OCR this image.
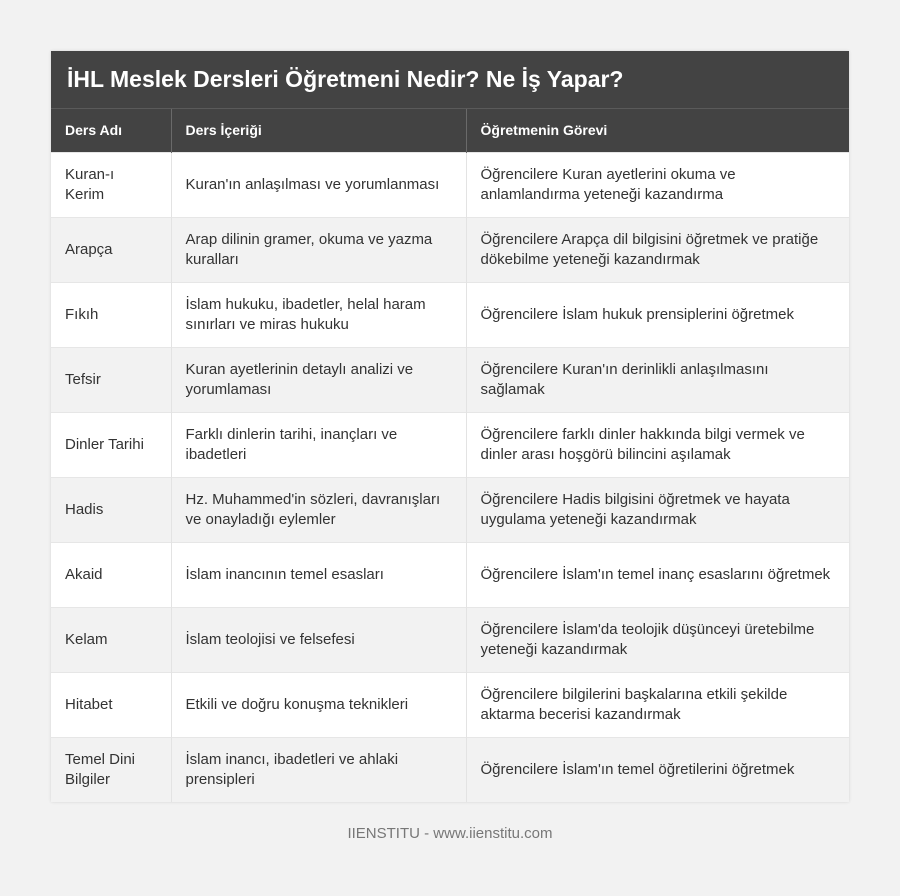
İHL Meslek Dersleri Öğretmeni Nedir? Ne İş Yapar?
Ders Adı	Ders İçeriği	Öğretmenin Görevi
Kuran-ı Kerim	Kuran'ın anlaşılması ve yorumlanması	Öğrencilere Kuran ayetlerini okuma ve anlamlandırma yeteneği kazandırma
Arapça	Arap dilinin gramer, okuma ve yazma kuralları	Öğrencilere Arapça dil bilgisini öğretmek ve pratiğe dökebilme yeteneği kazandırmak
Fıkıh	İslam hukuku, ibadetler, helal haram sınırları ve miras hukuku	Öğrencilere İslam hukuk prensiplerini öğretmek
Tefsir	Kuran ayetlerinin detaylı analizi ve yorumlaması	Öğrencilere Kuran'ın derinlikli anlaşılmasını sağlamak
Dinler Tarihi	Farklı dinlerin tarihi, inançları ve ibadetleri	Öğrencilere farklı dinler hakkında bilgi vermek ve dinler arası hoşgörü bilincini aşılamak
Hadis	Hz. Muhammed'in sözleri, davranışları ve onayladığı eylemler	Öğrencilere Hadis bilgisini öğretmek ve hayata uygulama yeteneği kazandırmak
Akaid	İslam inancının temel esasları	Öğrencilere İslam'ın temel inanç esaslarını öğretmek
Kelam	İslam teolojisi ve felsefesi	Öğrencilere İslam'da teolojik düşünceyi üretebilme yeteneği kazandırmak
Hitabet	Etkili ve doğru konuşma teknikleri	Öğrencilere bilgilerini başkalarına etkili şekilde aktarma becerisi kazandırmak
Temel Dini Bilgiler	İslam inancı, ibadetleri ve ahlaki prensipleri	Öğrencilere İslam'ın temel öğretilerini öğretmek
IIENSTITU - www.iienstitu.com
